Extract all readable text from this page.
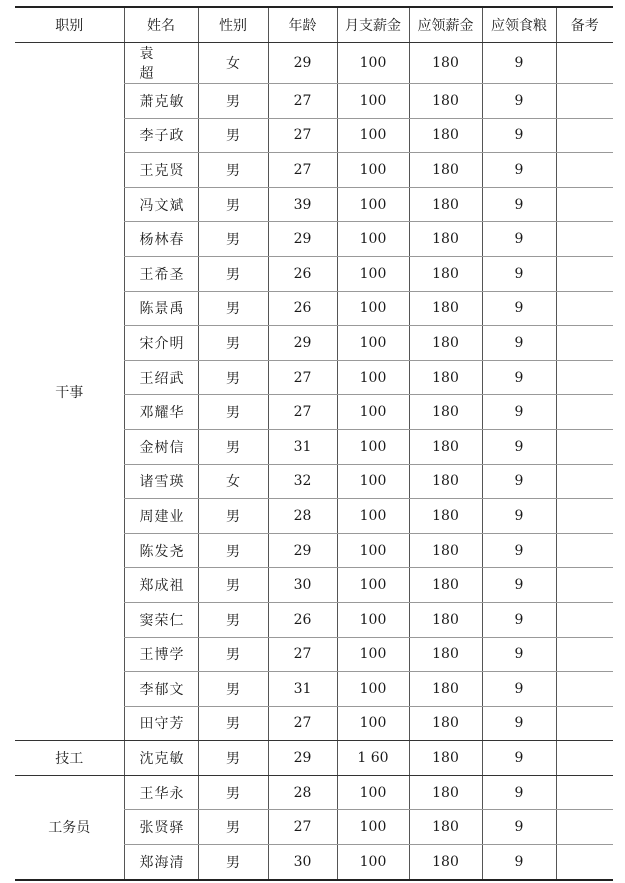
职别	姓名	性别	年龄	月支薪金	应领薪金	应领食粮	备考
干事	袁　超	女	29	100	180	9	
	萧克敏	男	27	100	180	9	
	李子政	男	27	100	180	9	
	王克贤	男	27	100	180	9	
	冯文斌	男	39	100	180	9	
	杨林春	男	29	100	180	9	
	王希圣	男	26	100	180	9	
	陈景禹	男	26	100	180	9	
	宋介明	男	29	100	180	9	
	王绍武	男	27	100	180	9	
	邓耀华	男	27	100	180	9	
	金树信	男	31	100	180	9	
	诸雪瑛	女	32	100	180	9	
	周建业	男	28	100	180	9	
	陈发尧	男	29	100	180	9	
	郑成祖	男	30	100	180	9	
	窦荣仁	男	26	100	180	9	
	王博学	男	27	100	180	9	
	李郁文	男	31	100	180	9	
	田守芳	男	27	100	180	9	
技工	沈克敏	男	29	1 60	180	9	
工务员	王华永	男	28	100	180	9	
	张贤驿	男	27	100	180	9	
	郑海清	男	30	100	180	9	
